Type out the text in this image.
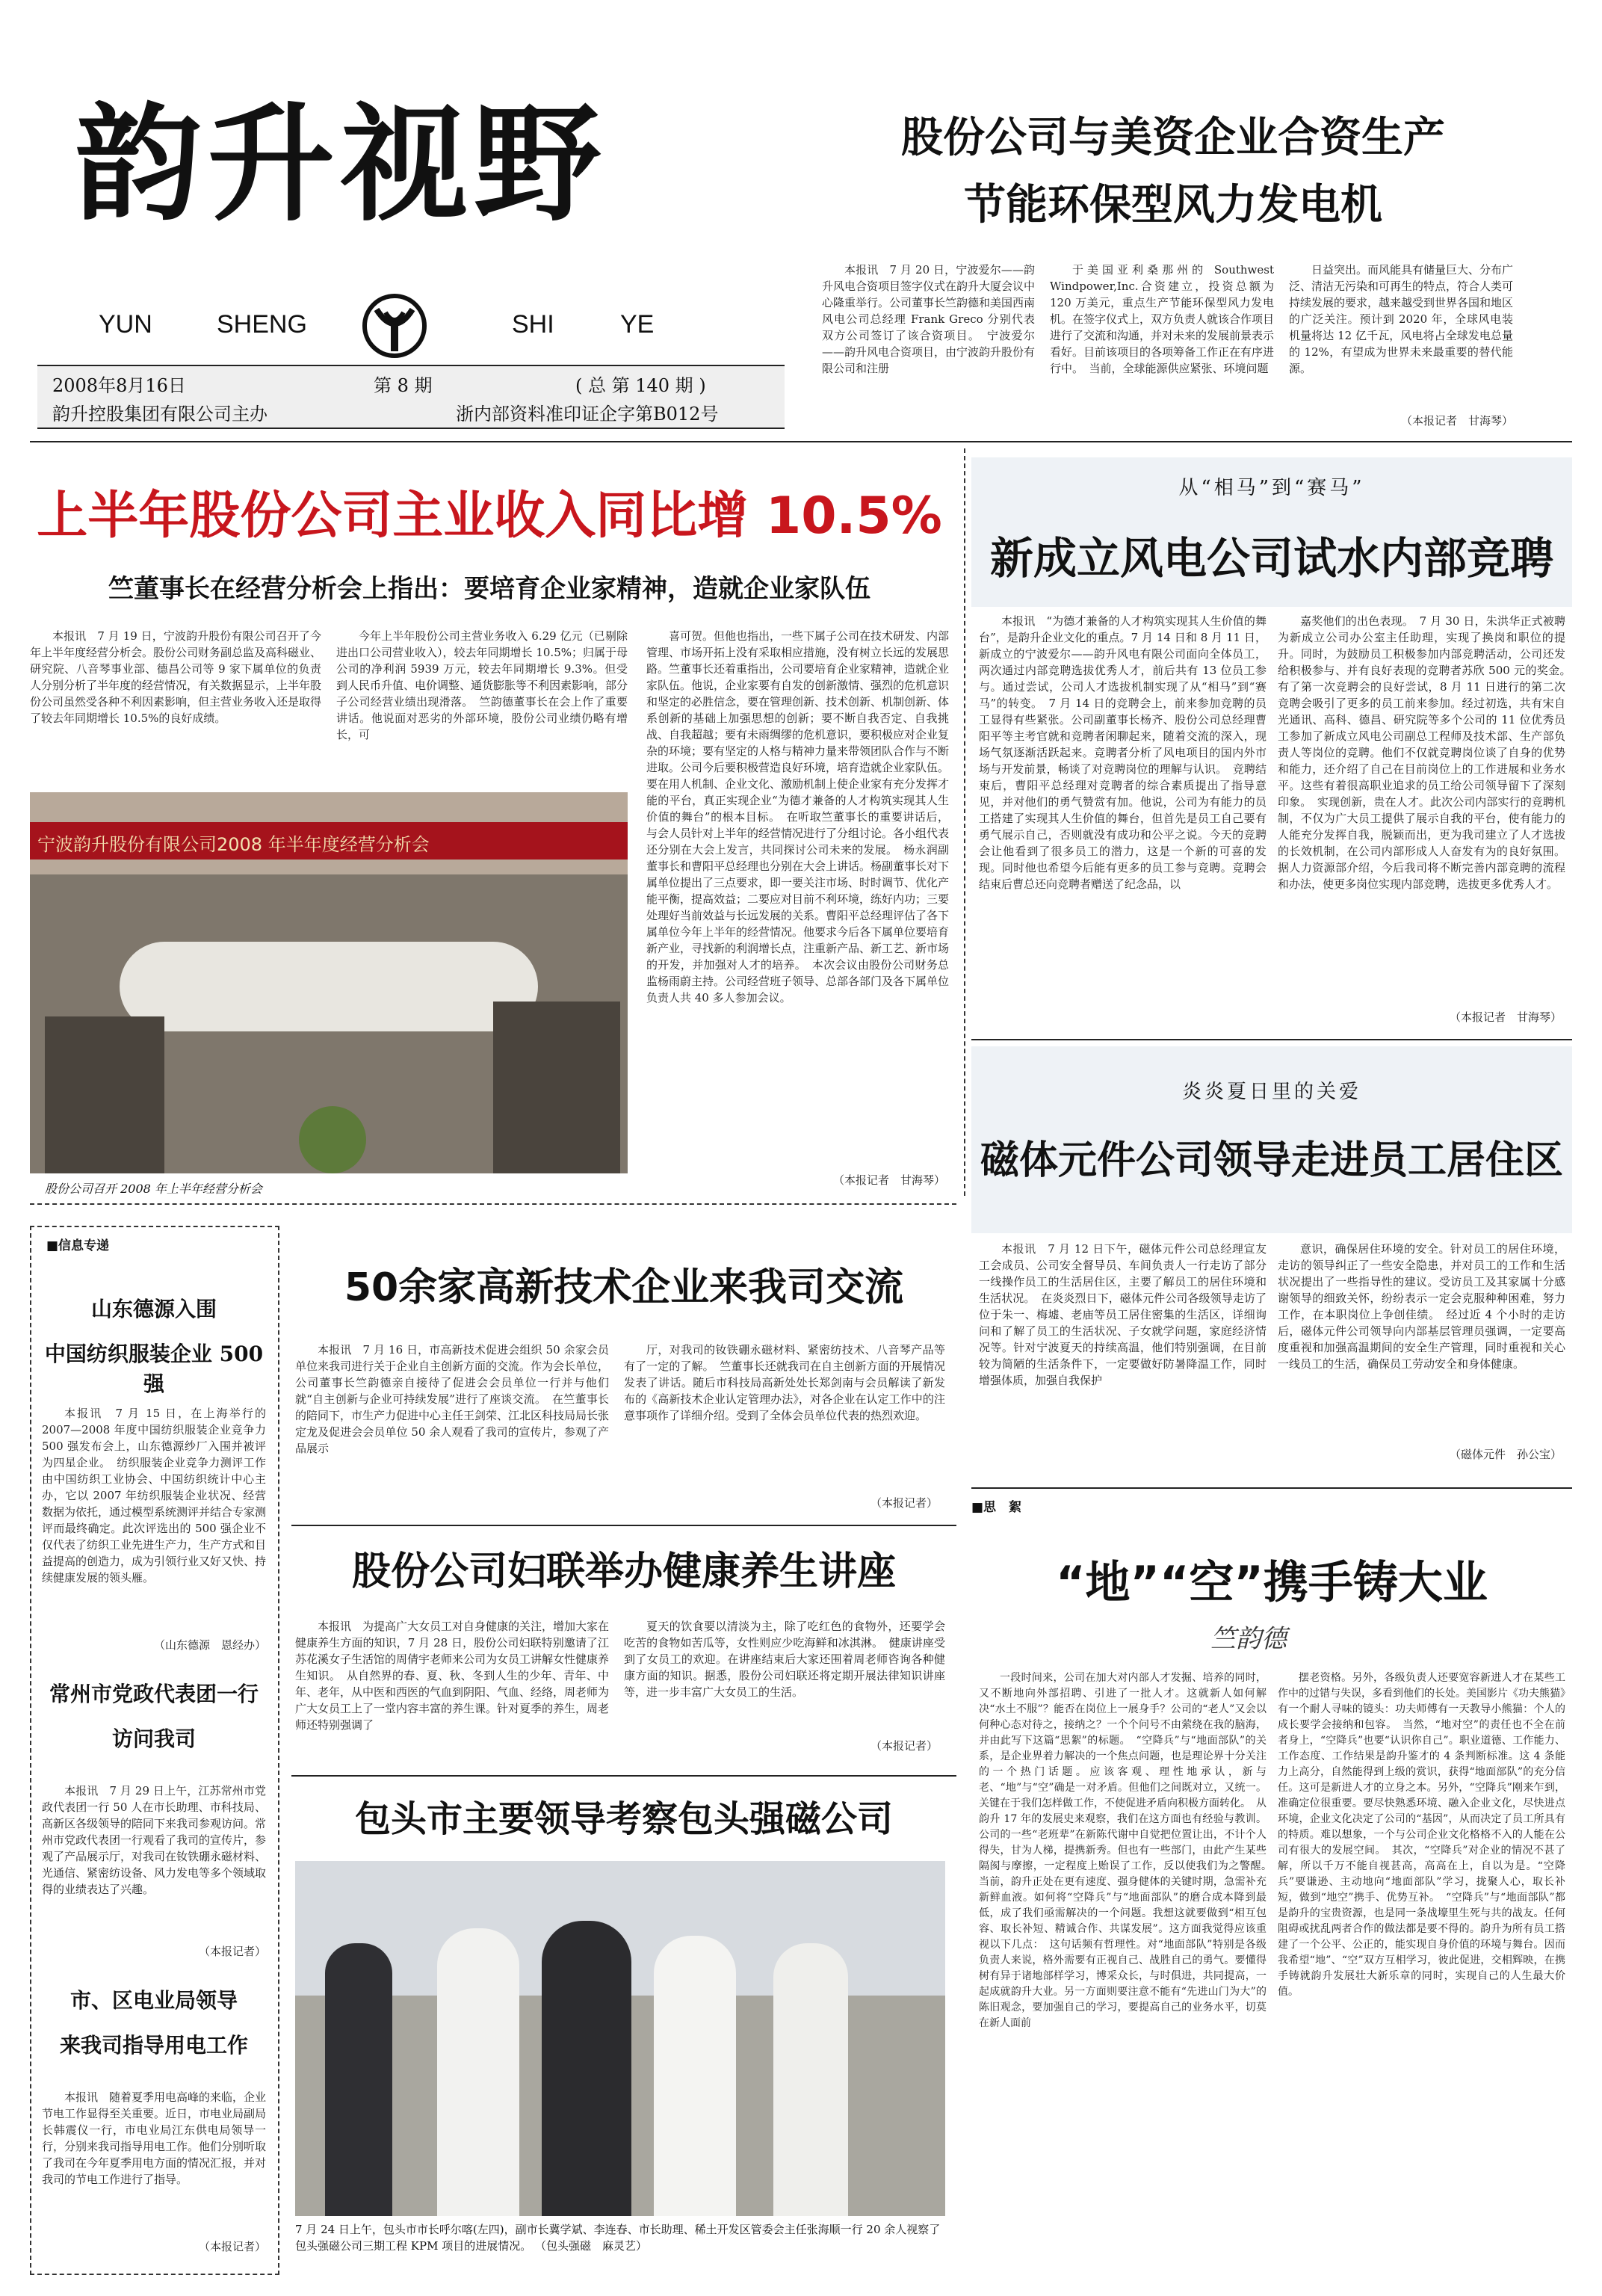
韵升视野
YUN	SHENG	SHI	YE
2008年8月16日	第 8 期	( 总 第 140 期 )
韵升控股集团有限公司主办	浙内部资料准印证企字第B012号
股份公司与美资企业合资生产
节能环保型风力发电机

本报讯　7 月 20 日，宁波爱尔——韵升风电合资项目签字仪式在韵升大厦会议中心隆重举行。公司董事长竺韵德和美国西南风电公司总经理 Frank Greco 分别代表双方公司签订了该合资项目。　宁波爱尔——韵升风电合资项目，由宁波韵升股份有限公司和注册

于美国亚利桑那州的 Southwest Windpower,Inc.合资建立，投资总额为 120 万美元，重点生产节能环保型风力发电机。在签字仪式上，双方负责人就该合作项目进行了交流和沟通，并对未来的发展前景表示看好。目前该项目的各项筹备工作正在有序进行中。　当前，全球能源供应紧张、环境问题

日益突出。而风能具有储量巨大、分布广泛、清洁无污染和可再生的特点，符合人类可持续发展的要求，越来越受到世界各国和地区的广泛关注。预计到 2020 年，全球风电装机量将达 12 亿千瓦，风电将占全球发电总量的 12%，有望成为世界未来最重要的替代能源。

（本报记者　甘海琴）
上半年股份公司主业收入同比增 10.5%
竺董事长在经营分析会上指出：要培育企业家精神，造就企业家队伍

本报讯　7 月 19 日，宁波韵升股份有限公司召开了今年上半年度经营分析会。股份公司财务副总监及高科磁业、研究院、八音琴事业部、德昌公司等 9 家下属单位的负责人分别分析了半年度的经营情况，有关数据显示，上半年股份公司虽然受各种不利因素影响，但主营业务收入还是取得了较去年同期增长 10.5%的良好成绩。

今年上半年股份公司主营业务收入 6.29 亿元（已剔除进出口公司营业收入），较去年同期增长 10.5%；归属于母公司的净利润 5939 万元，较去年同期增长 9.3%。但受到人民币升值、电价调整、通货膨胀等不利因素影响，部分子公司经营业绩出现滑落。　竺韵德董事长在会上作了重要讲话。他说面对恶劣的外部环境，股份公司业绩仍略有增长，可

喜可贺。但他也指出，一些下属子公司在技术研发、内部管理、市场开拓上没有采取相应措施，没有树立长远的发展思路。竺董事长还着重指出，公司要培育企业家精神，造就企业家队伍。他说，企业家要有自发的创新激情、强烈的危机意识和坚定的必胜信念，要在管理创新、技术创新、机制创新、体系创新的基础上加强思想的创新；要不断自我否定、自我挑战、自我超越；要有未雨绸缪的危机意识，要积极应对企业复杂的环境；要有坚定的人格与精神力量来带领团队合作与不断进取。公司今后要积极营造良好环境，培育造就企业家队伍。要在用人机制、企业文化、激励机制上使企业家有充分发挥才能的平台，真正实现企业“为德才兼备的人才构筑实现其人生价值的舞台”的根本目标。　在听取竺董事长的重要讲话后，与会人员针对上半年的经营情况进行了分组讨论。各小组代表还分别在大会上发言，共同探讨公司未来的发展。　杨永润副董事长和曹阳平总经理也分别在大会上讲话。杨副董事长对下属单位提出了三点要求，即一要关注市场、时时调节、优化产能平衡，提高效益；二要应对目前不利环境，练好内功；三要处理好当前效益与长远发展的关系。曹阳平总经理评估了各下属单位今年上半年的经营情况。他要求今后各下属单位要培育新产业，寻找新的利润增长点，注重新产品、新工艺、新市场的开发，并加强对人才的培养。　本次会议由股份公司财务总监杨雨蔚主持。公司经营班子领导、总部各部门及各下属单位负责人共 40 多人参加会议。

（本报记者　甘海琴）
宁波韵升股份有限公司2008 年半年度经营分析会
股份公司召开 2008 年上半年经营分析会
从“相马”到“赛马”
新成立风电公司试水内部竞聘

本报讯　“为德才兼备的人才构筑实现其人生价值的舞台”，是韵升企业文化的重点。7 月 14 日和 8 月 11 日，新成立的宁波爱尔——韵升风电有限公司面向全体员工，两次通过内部竞聘选拔优秀人才，前后共有 13 位员工参与。通过尝试，公司人才选拔机制实现了从“相马”到“赛马”的转变。　7 月 14 日的竞聘会上，前来参加竞聘的员工显得有些紧张。公司副董事长杨齐、股份公司总经理曹阳平等主考官就和竞聘者闲聊起来，随着交流的深入，现场气氛逐渐活跃起来。竞聘者分析了风电项目的国内外市场与开发前景，畅谈了对竞聘岗位的理解与认识。　竞聘结束后，曹阳平总经理对竞聘者的综合素质提出了指导意见，并对他们的勇气赞赏有加。他说，公司为有能力的员工搭建了实现其人生价值的舞台，但首先是员工自己要有勇气展示自己，否则就没有成功和公平之说。今天的竞聘会让他看到了很多员工的潜力，这是一个新的可喜的发现。同时他也希望今后能有更多的员工参与竞聘。竞聘会结束后曹总还向竞聘者赠送了纪念品，以

嘉奖他们的出色表现。　7 月 30 日，朱洪华正式被聘为新成立公司办公室主任助理，实现了换岗和职位的提升。同时，为鼓励员工积极参加内部竞聘活动，公司还发给积极参与、并有良好表现的竞聘者苏欣 500 元的奖金。　有了第一次竞聘会的良好尝试，8 月 11 日进行的第二次竞聘会吸引了更多的员工前来参加。经过初选，共有宋自光通讯、高科、德昌、研究院等多个公司的 11 位优秀员工参加了新成立风电公司副总工程师及技术部、生产部负责人等岗位的竞聘。他们不仅就竞聘岗位谈了自身的优势和能力，还介绍了自己在目前岗位上的工作进展和业务水平。这些有着很高职业追求的员工给公司领导留下了深刻印象。　实现创新，贵在人才。此次公司内部实行的竞聘机制，不仅为广大员工提供了展示自我的平台，使有能力的人能充分发挥自我，脱颖而出，更为我司建立了人才选拔的长效机制，在公司内部形成人人奋发有为的良好氛围。据人力资源部介绍，今后我司将不断完善内部竞聘的流程和办法，使更多岗位实现内部竞聘，选拔更多优秀人才。

（本报记者　甘海琴）
炎炎夏日里的关爱
磁体元件公司领导走进员工居住区

本报讯　7 月 12 日下午，磁体元件公司总经理宣友工会成员、公司安全督导员、车间负责人一行走访了部分一线操作员工的生活居住区，主要了解员工的居住环境和生活状况。　在炎炎烈日下，磁体元件公司各级领导走访了位于朱一、梅墟、老庙等员工居住密集的生活区，详细询问和了解了员工的生活状况、子女就学问题，家庭经济情况等。针对宁波夏天的持续高温，他们特别强调，在目前较为简陋的生活条件下，一定要做好防暑降温工作，同时增强体质，加强自我保护

意识，确保居住环境的安全。针对员工的居住环境，走访的领导纠正了一些安全隐患，并对员工的工作和生活状况提出了一些指导性的建议。受访员工及其家属十分感谢领导的细致关怀，纷纷表示一定会克服种种困难，努力工作，在本职岗位上争创佳绩。　经过近 4 个小时的走访后，磁体元件公司领导向内部基层管理员强调，一定要高度重视和加强高温期间的安全生产管理，同时重视和关心一线员工的生活，确保员工劳动安全和身体健康。

（磁体元件　孙公宝）
■信息专递
山东德源入围
中国纺织服装企业 500 强

本报讯　7 月 15 日，在上海举行的 2007—2008 年度中国纺织服装企业竞争力 500 强发布会上，山东德源纱厂入围并被评为四星企业。　纺织服装企业竞争力测评工作由中国纺织工业协会、中国纺织统计中心主办，它以 2007 年纺织服装企业状况、经营数据为依托，通过模型系统测评并结合专家测评而最终确定。此次评选出的 500 强企业不仅代表了纺织工业先进生产力，生产方式和目益提高的创造力，成为引领行业又好又快、持续健康发展的领头雁。

（山东德源　恩经办）
常州市党政代表团一行
访问我司

本报讯　7 月 29 日上午，江苏常州市党政代表团一行 50 人在市长助理、市科技局、高新区各级领导的陪同下来我司参观访问。常州市党政代表团一行观看了我司的宣传片，参观了产品展示厅，对我司在钕铁硼永磁材料、光通信、紧密纺设备、风力发电等多个领域取得的业绩表达了兴趣。

（本报记者）
市、区电业局领导
来我司指导用电工作

本报讯　随着夏季用电高峰的来临，企业节电工作显得至关重要。近日，市电业局副局长韩震仪一行，市电业局江东供电局领导一行，分别来我司指导用电工作。他们分别听取了我司在今年夏季用电方面的情况汇报，并对我司的节电工作进行了指导。

（本报记者）
50余家高新技术企业来我司交流

本报讯　7 月 16 日，市高新技术促进会组织 50 余家会员单位来我司进行关于企业自主创新方面的交流。作为会长单位，公司董事长竺韵德亲自接待了促进会会员单位一行并与他们就“自主创新与企业可持续发展”进行了座谈交流。　在竺董事长的陪同下，市生产力促进中心主任王剑荣、江北区科技局局长张定龙及促进会会员单位 50 余人观看了我司的宣传片，参观了产品展示

厅，对我司的钕铁硼永磁材料、紧密纺技术、八音琴产品等有了一定的了解。　竺董事长还就我司在自主创新方面的开展情况发表了讲话。随后市科技局高新处处长郑剑南与会员解读了新发布的《高新技术企业认定管理办法》，对各企业在认定工作中的注意事项作了详细介绍。受到了全体会员单位代表的热烈欢迎。

（本报记者）
股份公司妇联举办健康养生讲座

本报讯　为提高广大女员工对自身健康的关注，增加大家在健康养生方面的知识，7 月 28 日，股份公司妇联特别邀请了江苏花溪女子生活馆的周倩宇老师来公司为女员工讲解女性健康养生知识。　从自然界的春、夏、秋、冬到人生的少年、青年、中年、老年，从中医和西医的气血到阴阳、气血、经络，周老师为广大女员工上了一堂内容丰富的养生课。针对夏季的养生，周老师还特别强调了

夏天的饮食要以清淡为主，除了吃红色的食物外，还要学会吃苦的食物如苦瓜等，女性则应少吃海鲜和冰淇淋。　健康讲座受到了女员工的欢迎。在讲座结束后大家还围着周老师咨询各种健康方面的知识。据悉，股份公司妇联还将定期开展法律知识讲座等，进一步丰富广大女员工的生活。

（本报记者）
包头市主要领导考察包头强磁公司
7 月 24 日上午，包头市市长呼尔喀(左四)，副市长冀学斌、李连春、市长助理、稀土开发区管委会主任张海顺一行 20 余人视察了包头强磁公司三期工程 KPM 项目的进展情况。 （包头强磁　麻灵艺）
■思　絮
“地”“空”携手铸大业
竺韵德

一段时间来，公司在加大对内部人才发掘、培养的同时，又不断地向外部招聘、引进了一批人才。这就新人如何解决“水土不服”？能否在岗位上一展身手？公司的“老人”又会以何种心态对待之，接纳之？一个个问号不由萦绕在我的脑海，并由此写下这篇“思絮”的标题。　“空降兵”与“地面部队”的关系，是企业界着力解决的一个焦点问题，也是理论界十分关注的一个热门话题。应该客观、理性地承认，新与老、“地”与“空”确是一对矛盾。但他们之间既对立，又统一。关键在于我们怎样做工作，不使促进矛盾向积极方面转化。　从韵升 17 年的发展史来观察，我们在这方面也有经验与教训。公司的一些“老班辈”在新陈代谢中自觉把位置让出，不计个人得失，甘为人梯，提携新秀。但也有一些部门，由此产生某些隔阂与摩擦，一定程度上贻误了工作，反以使我们为之警醒。　当前，韵升正处在更有速度、强身健体的关键时期，急需补充新鲜血液。如何将“空降兵”与“地面部队”的磨合成本降到最低，成了我们亟需解决的一个问题。我想这就要做到“相互包容、取长补短、精诚合作、共谋发展”。这方面我觉得应该重视以下几点：　这句话频有哲理性。对“地面部队”特别是各级负责人来说，格外需要有正视自己、战胜自己的勇气。要懂得树有异于诸地部样学习，博采众长，与时俱进，共同提高，一起成就韵升大业。另一方面则要注意不能有“先进山门为大”的陈旧观念，要加强自己的学习，要提高自己的业务水平，切莫在新人面前

摆老资格。另外，各级负责人还要宽容新进人才在某些工作中的过错与失误，多看到他们的长处。美国影片《功夫熊猫》有一个耐人寻味的镜头：功夫师傅有一天教导小熊猫：个人的成长要学会接纳和包容。　当然，“地对空”的责任也不全在前者身上，“空降兵”也要“认识你自己”。职业道德、工作能力、工作态度、工作结果是韵升鉴才的 4 条判断标准。这 4 条能力上高分，自然能得到上级的赏识，获得“地面部队”的充分信任。这可是新进人才的立身之本。另外，“空降兵”刚来乍到，准确定位很重要。要尽快熟悉环境、融入企业文化，尽快进点环境，企业文化决定了公司的“基因”，从而决定了员工所具有的特质。难以想象，一个与公司企业文化格格不入的人能在公司有很大的发展空间。　其次，“空降兵”对企业的情况不甚了解，所以千万不能自视甚高，高高在上，自以为是。“空降兵”要谦逊、主动地向“地面部队”学习，拢聚人心，取长补短，做到“地空”携手、优势互补。　“空降兵”与“地面部队”都是韵升的宝贵资源，也是同一条战壕里生死与共的战友。任何阻碍或扰乱两者合作的做法都是要不得的。韵升为所有员工搭建了一个公平、公正的，能实现自身价值的环境与舞台。因而我希望“地”、“空”双方互相学习，彼此促进，交相辉映，在携手铸就韵升发展壮大新乐章的同时，实现自己的人生最大价值。
